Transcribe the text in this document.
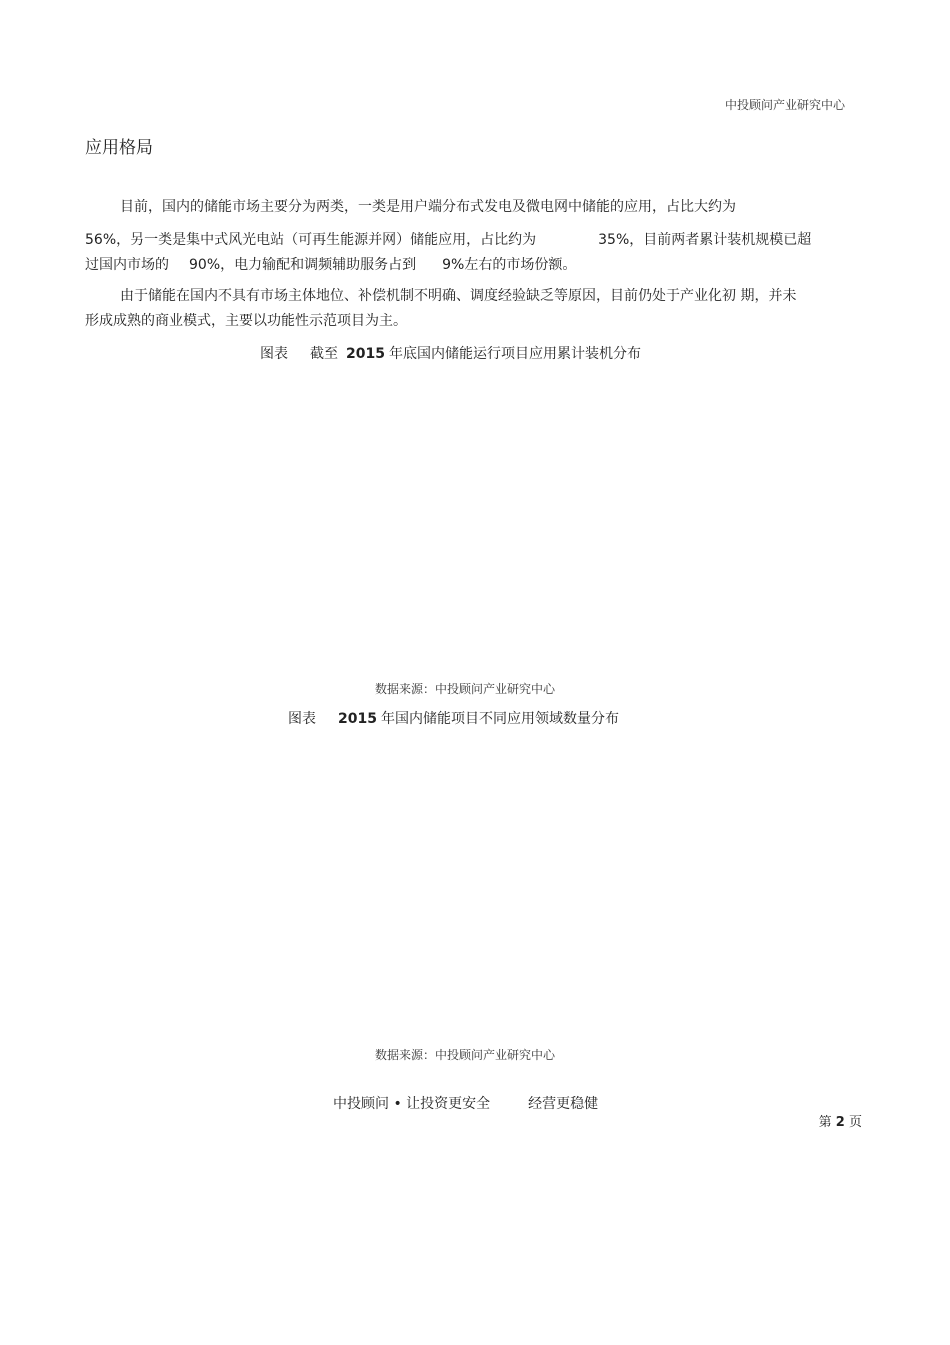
中投顾问产业研究中心
应用格局
目前，国内的储能市场主要分为两类，一类是用户端分布式发电及微电网中储能的应用，占比大约为
56%，另一类是集中式风光电站（可再生能源并网）储能应用，占比约为	35%，目前两者累计装机规模已超
过国内市场的 90%，电力输配和调频辅助服务占到 9%左右的市场份额。
由于储能在国内不具有市场主体地位、补偿机制不明确、调度经验缺乏等原因，目前仍处于产业化初 期，并未
形成成熟的商业模式，主要以功能性示范项目为主。
图表 截至 2015 年底国内储能运行项目应用累计装机分布
数据来源：中投顾问产业研究中心
图表 2015 年国内储能项目不同应用领域数量分布
数据来源：中投顾问产业研究中心
中投顾问 • 让投资更安全	经营更稳健
第 2 页
